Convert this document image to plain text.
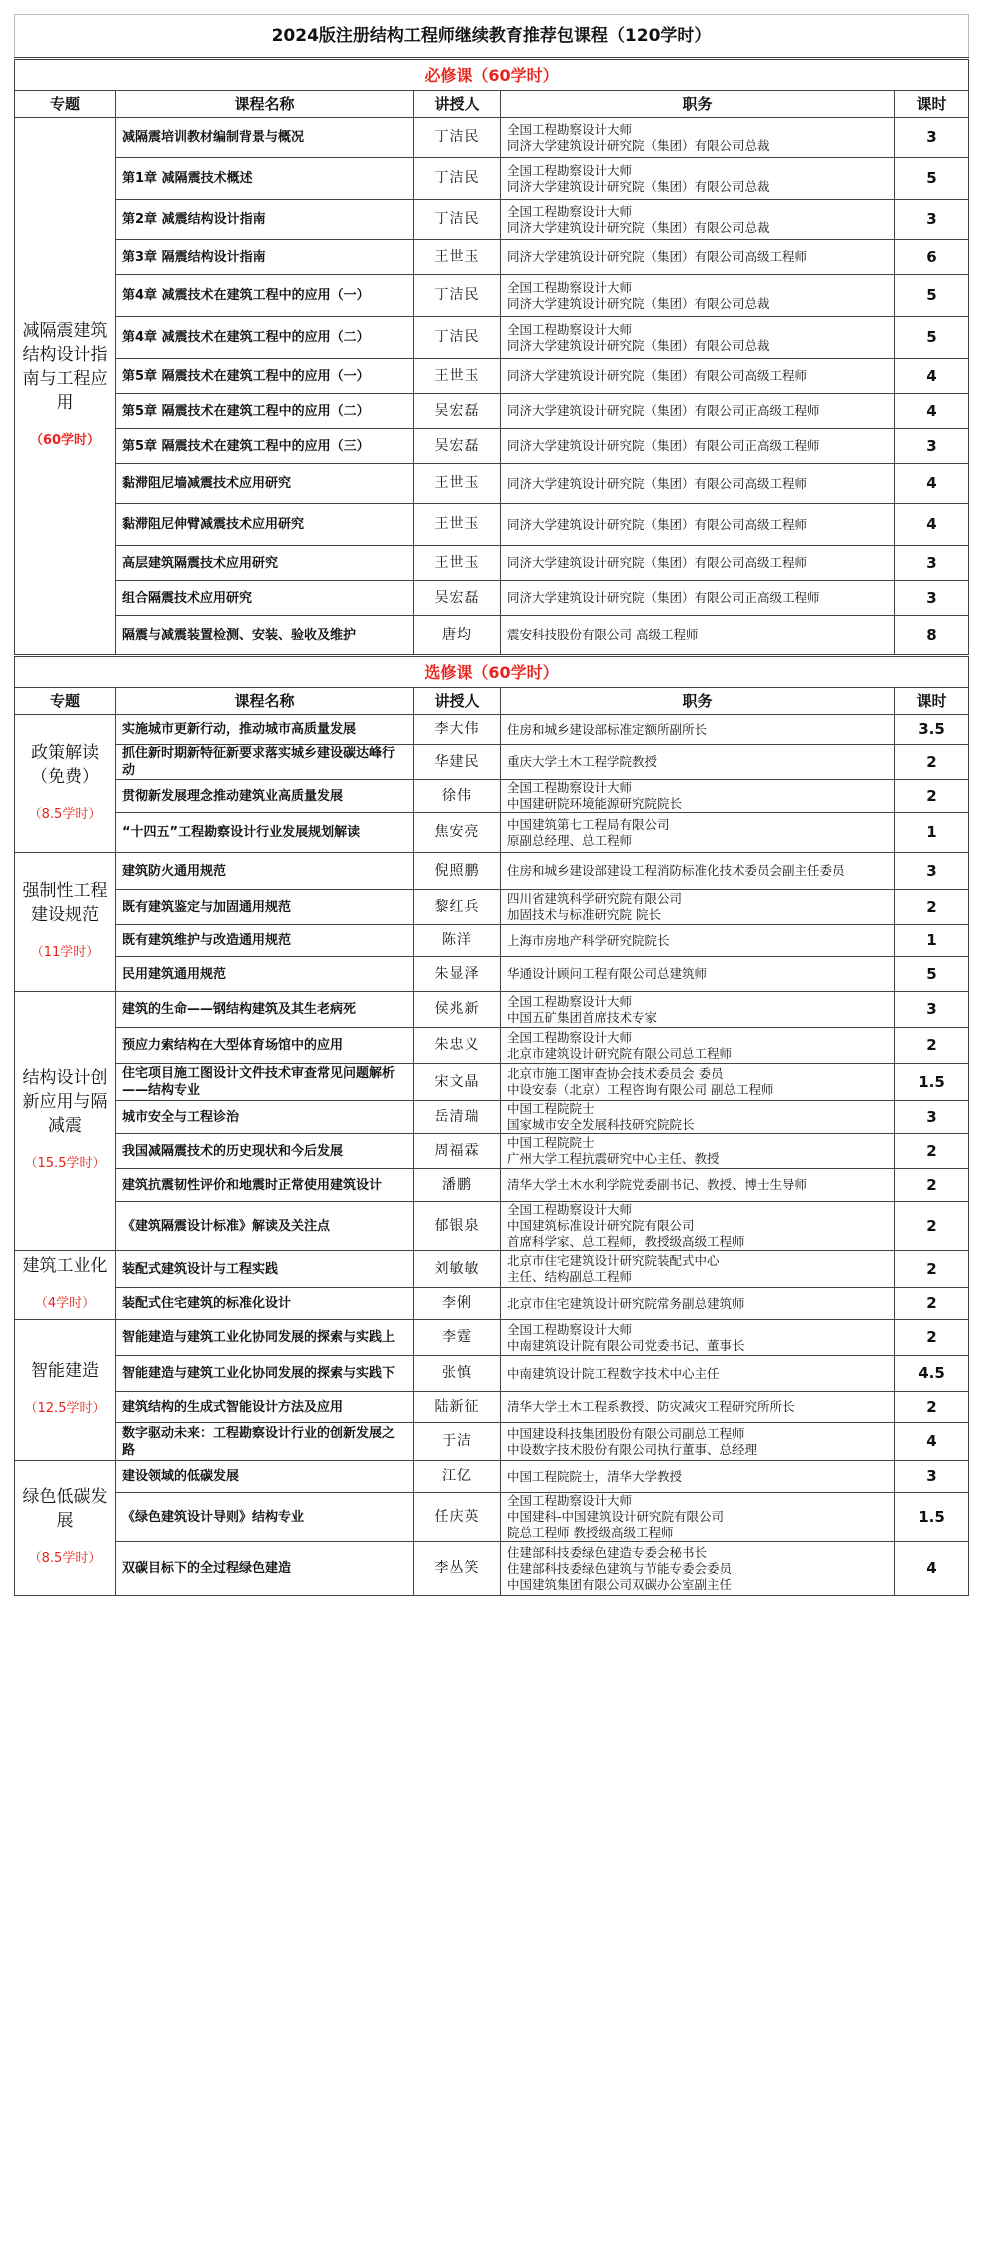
2024版注册结构工程师继续教育推荐包课程（120学时）				
必修课（60学时）				
专题	课程名称	讲授人	职务	课时
减隔震建筑结构设计指南与工程应用
（60学时）	减隔震培训教材编制背景与概况	丁洁民	全国工程勘察设计大师
同济大学建筑设计研究院（集团）有限公司总裁	3
	第1章 减隔震技术概述	丁洁民	全国工程勘察设计大师
同济大学建筑设计研究院（集团）有限公司总裁	5
	第2章 减震结构设计指南	丁洁民	全国工程勘察设计大师
同济大学建筑设计研究院（集团）有限公司总裁	3
	第3章 隔震结构设计指南	王世玉	同济大学建筑设计研究院（集团）有限公司高级工程师	6
	第4章 减震技术在建筑工程中的应用（一）	丁洁民	全国工程勘察设计大师
同济大学建筑设计研究院（集团）有限公司总裁	5
	第4章 减震技术在建筑工程中的应用（二）	丁洁民	全国工程勘察设计大师
同济大学建筑设计研究院（集团）有限公司总裁	5
	第5章 隔震技术在建筑工程中的应用（一）	王世玉	同济大学建筑设计研究院（集团）有限公司高级工程师	4
	第5章 隔震技术在建筑工程中的应用（二）	吴宏磊	同济大学建筑设计研究院（集团）有限公司正高级工程师	4
	第5章 隔震技术在建筑工程中的应用（三）	吴宏磊	同济大学建筑设计研究院（集团）有限公司正高级工程师	3
	黏滞阻尼墙减震技术应用研究	王世玉	同济大学建筑设计研究院（集团）有限公司高级工程师	4
	黏滞阻尼伸臂减震技术应用研究	王世玉	同济大学建筑设计研究院（集团）有限公司高级工程师	4
	高层建筑隔震技术应用研究	王世玉	同济大学建筑设计研究院（集团）有限公司高级工程师	3
	组合隔震技术应用研究	吴宏磊	同济大学建筑设计研究院（集团）有限公司正高级工程师	3
	隔震与减震装置检测、安装、验收及维护	唐均	震安科技股份有限公司 高级工程师	8
选修课（60学时）				
专题	课程名称	讲授人	职务	课时
政策解读（免费）
（8.5学时）	实施城市更新行动，推动城市高质量发展	李大伟	住房和城乡建设部标准定额所副所长	3.5
	抓住新时期新特征新要求落实城乡建设碳达峰行动	华建民	重庆大学土木工程学院教授	2
	贯彻新发展理念推动建筑业高质量发展	徐伟	全国工程勘察设计大师
中国建研院环境能源研究院院长	2
	“十四五”工程勘察设计行业发展规划解读	焦安亮	中国建筑第七工程局有限公司
原副总经理、总工程师	1
强制性工程建设规范
（11学时）	建筑防火通用规范	倪照鹏	住房和城乡建设部建设工程消防标准化技术委员会副主任委员	3
	既有建筑鉴定与加固通用规范	黎红兵	四川省建筑科学研究院有限公司
加固技术与标准研究院 院长	2
	既有建筑维护与改造通用规范	陈洋	上海市房地产科学研究院院长	1
	民用建筑通用规范	朱显泽	华通设计顾问工程有限公司总建筑师	5
结构设计创新应用与隔减震
（15.5学时）	建筑的生命——钢结构建筑及其生老病死	侯兆新	全国工程勘察设计大师
中国五矿集团首席技术专家	3
	预应力索结构在大型体育场馆中的应用	朱忠义	全国工程勘察设计大师
北京市建筑设计研究院有限公司总工程师	2
	住宅项目施工图设计文件技术审查常见问题解析——结构专业	宋文晶	北京市施工图审查协会技术委员会 委员
中设安泰（北京）工程咨询有限公司 副总工程师	1.5
	城市安全与工程诊治	岳清瑞	中国工程院院士
国家城市安全发展科技研究院院长	3
	我国减隔震技术的历史现状和今后发展	周福霖	中国工程院院士
广州大学工程抗震研究中心主任、教授	2
	建筑抗震韧性评价和地震时正常使用建筑设计	潘鹏	清华大学土木水利学院党委副书记、教授、博士生导师	2
	《建筑隔震设计标准》解读及关注点	郁银泉	全国工程勘察设计大师
中国建筑标准设计研究院有限公司
首席科学家、总工程师，教授级高级工程师	2
建筑工业化
（4学时）	装配式建筑设计与工程实践	刘敏敏	北京市住宅建筑设计研究院装配式中心
主任、结构副总工程师	2
	装配式住宅建筑的标准化设计	李俐	北京市住宅建筑设计研究院常务副总建筑师	2
智能建造
（12.5学时）	智能建造与建筑工业化协同发展的探索与实践上	李霆	全国工程勘察设计大师
中南建筑设计院有限公司党委书记、董事长	2
	智能建造与建筑工业化协同发展的探索与实践下	张慎	中南建筑设计院工程数字技术中心主任	4.5
	建筑结构的生成式智能设计方法及应用	陆新征	清华大学土木工程系教授、防灾减灾工程研究所所长	2
	数字驱动未来：工程勘察设计行业的创新发展之路	于洁	中国建设科技集团股份有限公司副总工程师
中设数字技术股份有限公司执行董事、总经理	4
绿色低碳发展
（8.5学时）	建设领域的低碳发展	江亿	中国工程院院士，清华大学教授	3
	《绿色建筑设计导则》结构专业	任庆英	全国工程勘察设计大师
中国建科-中国建筑设计研究院有限公司
院总工程师 教授级高级工程师	1.5
	双碳目标下的全过程绿色建造	李丛笑	住建部科技委绿色建造专委会秘书长
住建部科技委绿色建筑与节能专委会委员
中国建筑集团有限公司双碳办公室副主任	4
